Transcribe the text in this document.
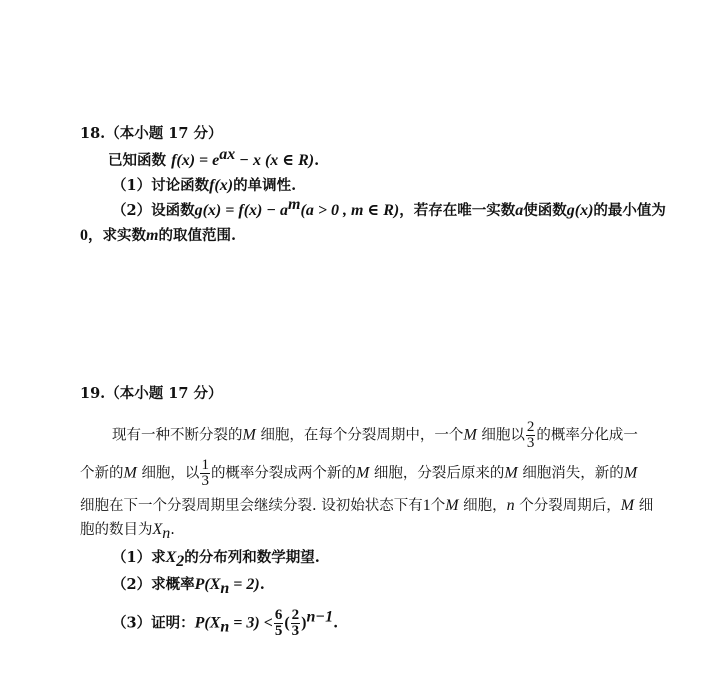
18.（本小题 17 分）
已知函数 $f(x) = e^{ax} - x$ (x ∈ R).
（1）讨论函数f(x)的单调性.
（2）设函数$g(x) = f(x) - a^m(a > 0$ , m ∈ R)，若存在唯一实数a使函数g(x)的最小值为
0，求实数m的取值范围.
19.（本小题 17 分）
现有一种不断分裂的M 细胞，在每个分裂周期中，一个M 细胞以 $\frac{2}{3}$ 的概率分化成一
个新的M 细胞，以 $\frac{1}{3}$ 的概率分裂成两个新的M 细胞，分裂后原来的M 细胞消失，新的M
细胞在下一个分裂周期里会继续分裂. 设初始状态下有1个M 细胞，n 个分裂周期后，M 细
胞的数目为$X_n$.
（1）求$X_2$的分布列和数学期望.
（2）求概率$P(X_n = 2)$.
（3）证明：$P(X_n = 3) < \frac{6}{5}$ ( $\frac{2}{3} )^{n-1}$.
